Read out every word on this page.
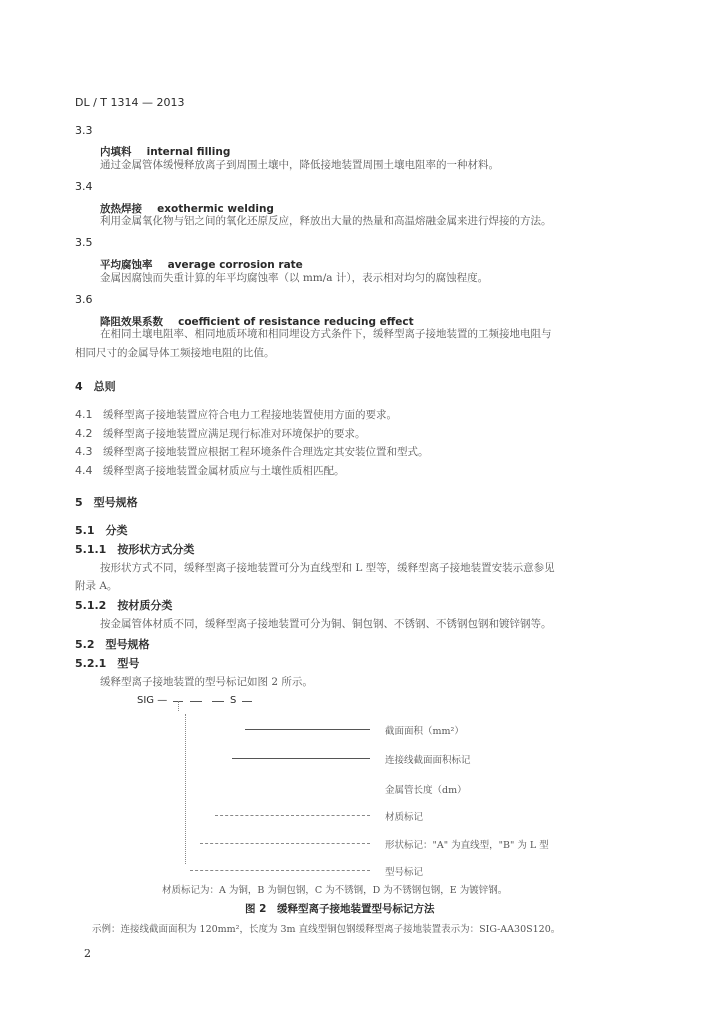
DL / T 1314 — 2013
3.3
内填料 internal filling
通过金属管体缓慢释放离子到周围土壤中，降低接地装置周围土壤电阻率的一种材料。
3.4
放热焊接 exothermic welding
利用金属氧化物与铝之间的氧化还原反应，释放出大量的热量和高温熔融金属来进行焊接的方法。
3.5
平均腐蚀率 average corrosion rate
金属因腐蚀而失重计算的年平均腐蚀率（以 mm/a 计），表示相对均匀的腐蚀程度。
3.6
降阻效果系数 coefficient of resistance reducing effect
在相同土壤电阻率、相同地质环境和相同埋设方式条件下，缓释型离子接地装置的工频接地电阻与
相同尺寸的金属导体工频接地电阻的比值。
4　总则
4.1　 缓释型离子接地装置应符合电力工程接地装置使用方面的要求。
4.2　 缓释型离子接地装置应满足现行标准对环境保护的要求。
4.3　 缓释型离子接地装置应根据工程环境条件合理选定其安装位置和型式。
4.4　 缓释型离子接地装置金属材质应与土壤性质相匹配。
5　型号规格
5.1　 分类
5.1.1　 按形状方式分类
按形状方式不同，缓释型离子接地装置可分为直线型和 L 型等，缓释型离子接地装置安装示意参见
附录 A。
5.1.2　 按材质分类
按金属管体材质不同，缓释型离子接地装置可分为铜、铜包钢、不锈钢、不锈钢包钢和镀锌钢等。
5.2　 型号规格
5.2.1　 型号
缓释型离子接地装置的型号标记如图 2 所示。
SIG —	S
截面面积（mm²）
连接线截面面积标记
金属管长度（dm）
材质标记
形状标记："A" 为直线型，"B" 为 L 型
型号标记
材质标记为：A 为铜，B 为铜包钢，C 为不锈钢，D 为不锈钢包钢，E 为镀锌钢。
图 2　缓释型离子接地装置型号标记方法
示例：连接线截面面积为 120mm²，长度为 3m 直线型铜包钢缓释型离子接地装置表示为：SIG-AA30S120。
2
